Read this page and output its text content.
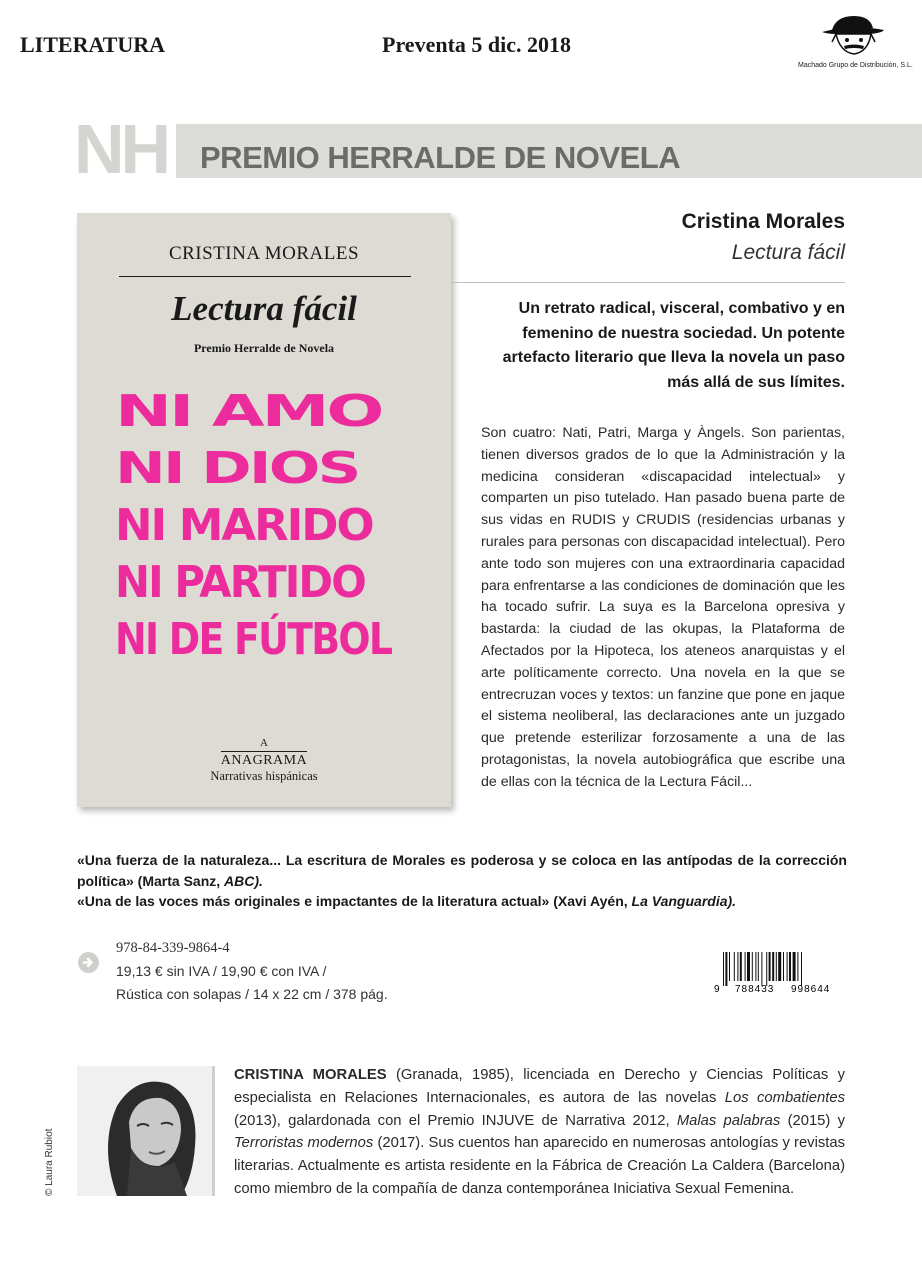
LITERATURA	Preventa 5 dic. 2018
Machado Grupo de Distribución, S.L.
NH PREMIO HERRALDE DE NOVELA
CRISTINA MORALES
Lectura fácil
Premio Herralde de Novela
NI AMO
NI DIOS
NI MARIDO
NI PARTIDO
NI DE FÚTBOL
A
ANAGRAMA
Narrativas hispánicas
Cristina Morales
Lectura fácil
Un retrato radical, visceral, combativo y en femenino de nuestra sociedad. Un potente artefacto literario que lleva la novela un paso más allá de sus límites.
Son cuatro: Nati, Patri, Marga y Àngels. Son parientas, tienen diversos grados de lo que la Administración y la medicina consideran «discapacidad intelectual» y comparten un piso tutelado. Han pasado buena parte de sus vidas en RUDIS y CRUDIS (residencias urbanas y rurales para personas con discapacidad intelectual). Pero ante todo son mujeres con una extraordinaria capacidad para enfrentarse a las condiciones de dominación que les ha tocado sufrir. La suya es la Barcelona opresiva y bastarda: la ciudad de las okupas, la Plataforma de Afectados por la Hipoteca, los ateneos anarquistas y el arte políticamente correcto. Una novela en la que se entrecruzan voces y textos: un fanzine que pone en jaque el sistema neoliberal, las declaraciones ante un juzgado que pretende esterilizar forzosamente a una de las protagonistas, la novela autobiográfica que escribe una de ellas con la técnica de la Lectura Fácil...
«Una fuerza de la naturaleza... La escritura de Morales es poderosa y se coloca en las antípodas de la corrección política» (Marta Sanz, ABC).
«Una de las voces más originales e impactantes de la literatura actual» (Xavi Ayén, La Vanguardia).
978-84-339-9864-4
19,13 € sin IVA / 19,90 € con IVA /
Rústica con solapas / 14 x 22 cm / 378 pág.	9 788433 998644
© Laura Rubiot
CRISTINA MORALES (Granada, 1985), licenciada en Derecho y Ciencias Políticas y especialista en Relaciones Internacionales, es autora de las novelas Los combatientes (2013), galardonada con el Premio INJUVE de Narrativa 2012, Malas palabras (2015) y Terroristas modernos (2017). Sus cuentos han aparecido en numerosas antologías y revistas literarias. Actualmente es artista residente en la Fábrica de Creación La Caldera (Barcelona) como miembro de la compañía de danza contemporánea Iniciativa Sexual Femenina.
